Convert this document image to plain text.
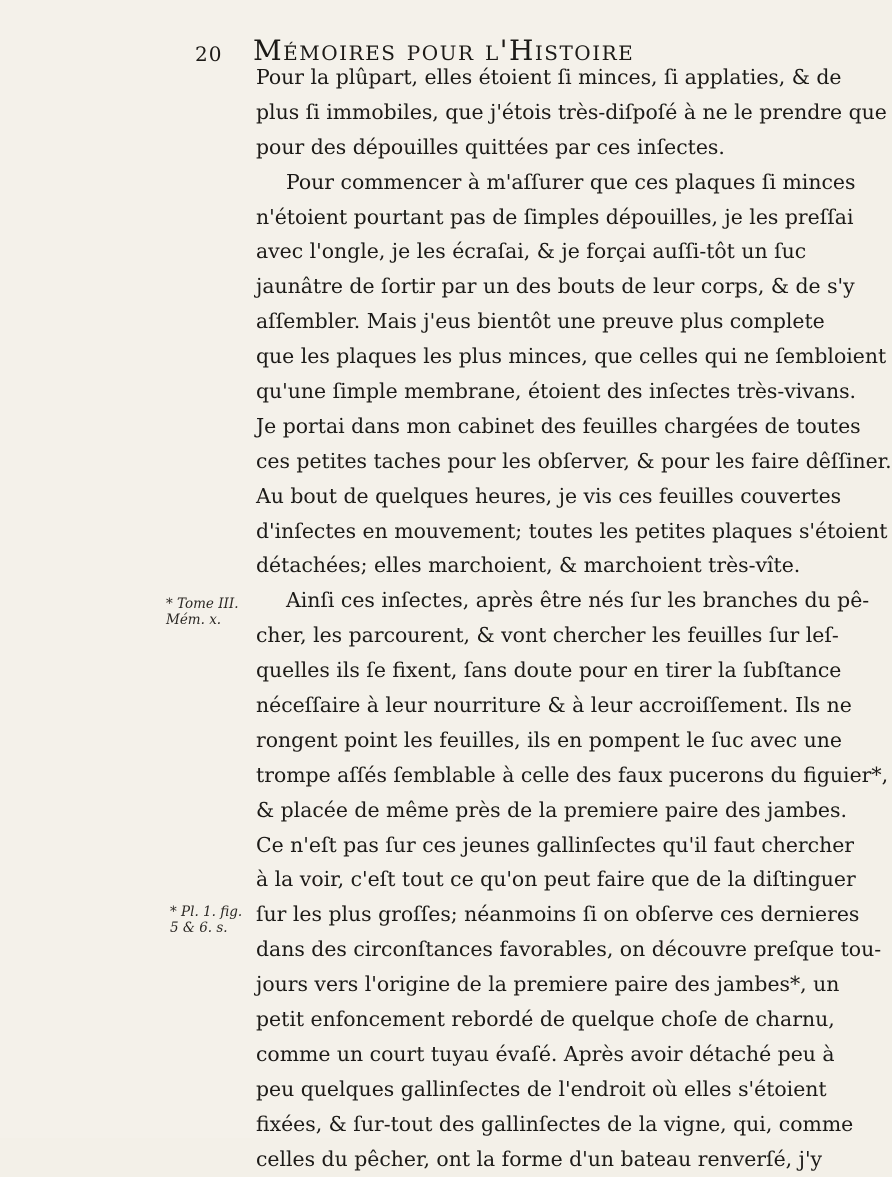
20 Mémoires pour l'Histoire
Pour la plûpart, elles étoient ſi minces, ſi applaties, & de
plus ſi immobiles, que j'étois très-diſpoſé à ne le prendre que
pour des dépouilles quittées par ces inſectes.
Pour commencer à m'aſſurer que ces plaques ſi minces
n'étoient pourtant pas de ſimples dépouilles, je les preſſai
avec l'ongle, je les écraſai, & je forçai auſſi-tôt un ſuc
jaunâtre de ſortir par un des bouts de leur corps, & de s'y
aſſembler. Mais j'eus bientôt une preuve plus complete
que les plaques les plus minces, que celles qui ne ſembloient
qu'une ſimple membrane, étoient des inſectes très-vivans.
Je portai dans mon cabinet des feuilles chargées de toutes
ces petites taches pour les obſerver, & pour les faire dêſſiner.
Au bout de quelques heures, je vis ces feuilles couvertes
d'inſectes en mouvement; toutes les petites plaques s'étoient
détachées; elles marchoient, & marchoient très-vîte.
Ainſi ces inſectes, après être nés ſur les branches du pê-
cher, les parcourent, & vont chercher les feuilles ſur leſ-
quelles ils ſe fixent, ſans doute pour en tirer la ſubſtance
néceſſaire à leur nourriture & à leur accroiſſement. Ils ne
rongent point les feuilles, ils en pompent le ſuc avec une
trompe aſſés ſemblable à celle des faux pucerons du figuier*,
& placée de même près de la premiere paire des jambes.
Ce n'eſt pas ſur ces jeunes gallinſectes qu'il faut chercher
à la voir, c'eſt tout ce qu'on peut faire que de la diſtinguer
ſur les plus groſſes; néanmoins ſi on obſerve ces dernieres
dans des circonſtances favorables, on découvre preſque tou-
jours vers l'origine de la premiere paire des jambes*, un
petit enfoncement rebordé de quelque choſe de charnu,
comme un court tuyau évaſé. Après avoir détaché peu à
peu quelques gallinſectes de l'endroit où elles s'étoient
fixées, & ſur-tout des gallinſectes de la vigne, qui, comme
celles du pêcher, ont la forme d'un bateau renverſé, j'y
* Tome III.
Mém. x.
* Pl. 1. fig.
5 & 6. s.
